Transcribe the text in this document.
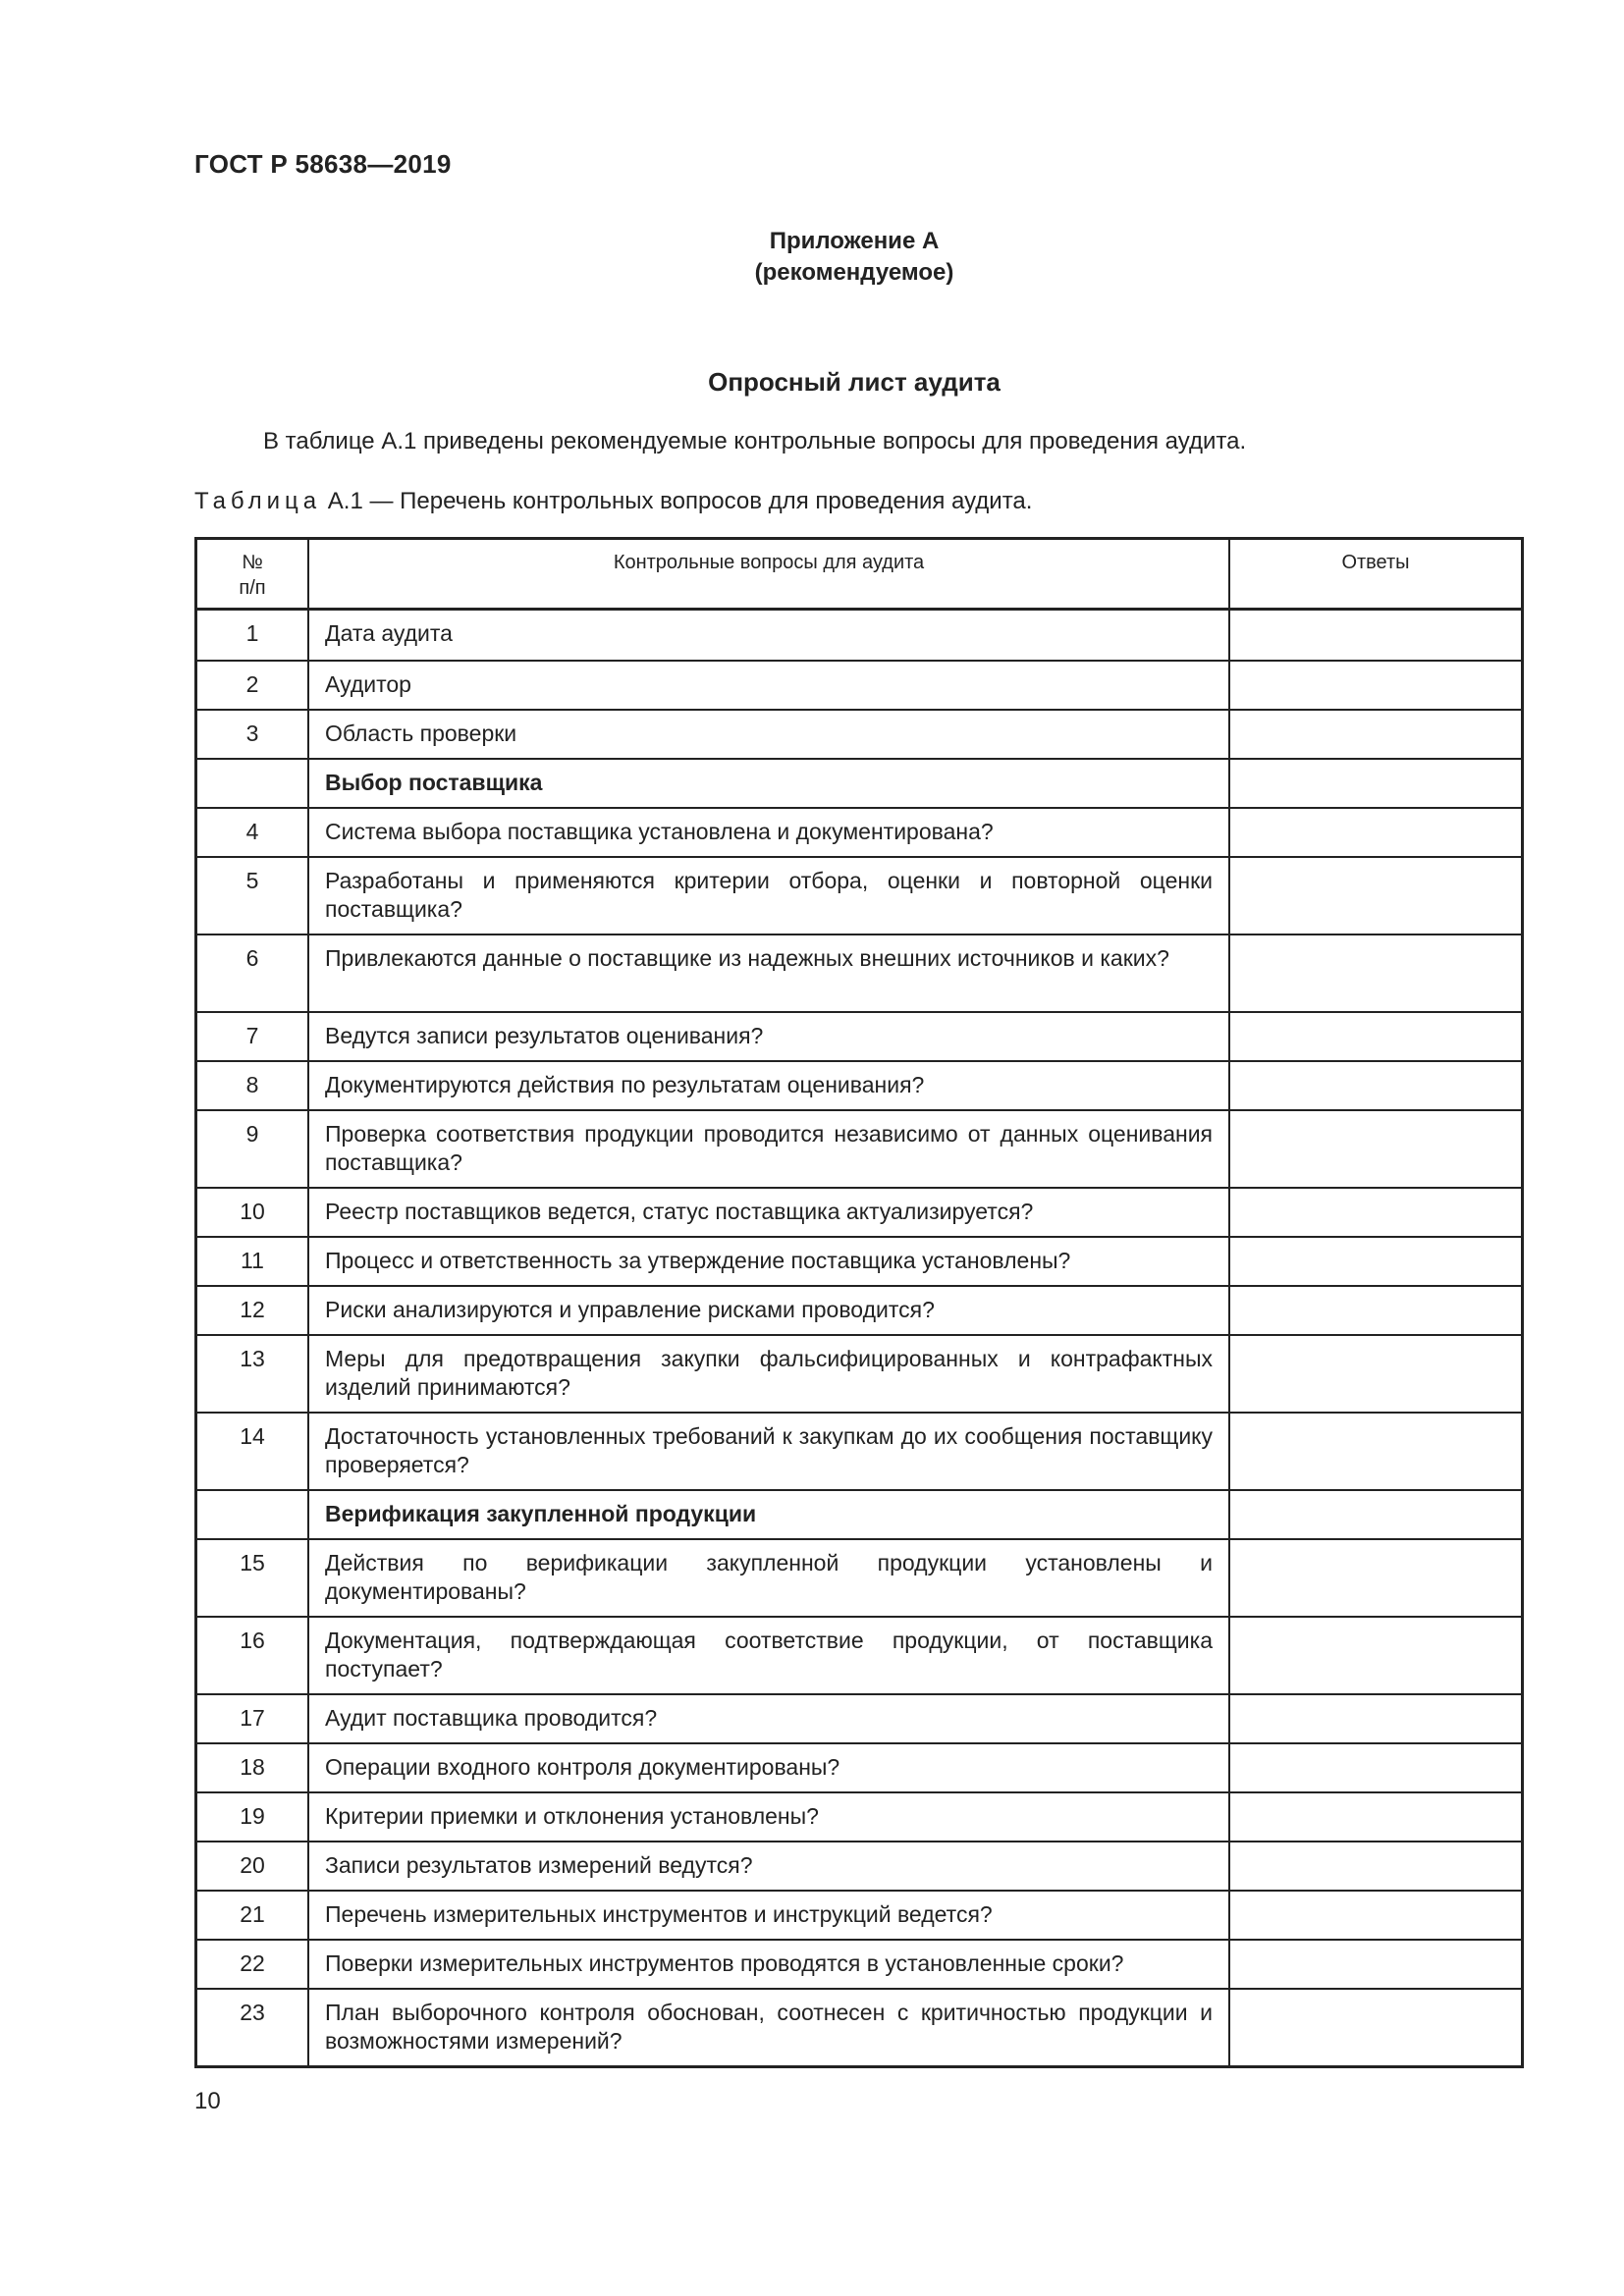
ГОСТ Р 58638—2019
Приложение А
(рекомендуемое)
Опросный лист аудита
В таблице А.1 приведены рекомендуемые контрольные вопросы для проведения аудита.
Таблица А.1 — Перечень контрольных вопросов для проведения аудита.
№
п/п
Контрольные вопросы для аудита	Ответы
1	Дата аудита
2	Аудитор
3	Область проверки
Выбор поставщика
4	Система выбора поставщика установлена и документирована?
5	Разработаны и применяются критерии отбора, оценки и повторной оценки поставщика?
6	Привлекаются данные о поставщике из надежных внешних источников и каких?
7	Ведутся записи результатов оценивания?
8	Документируются действия по результатам оценивания?
9	Проверка соответствия продукции проводится независимо от данных оценивания поставщика?
10	Реестр поставщиков ведется, статус поставщика актуализируется?
11	Процесс и ответственность за утверждение поставщика установлены?
12	Риски анализируются и управление рисками проводится?
13	Меры для предотвращения закупки фальсифицированных и контрафактных изделий принимаются?
14	Достаточность установленных требований к закупкам до их сообщения поставщику проверяется?
Верификация закупленной продукции
15	Действия по верификации закупленной продукции установлены и документированы?
16	Документация, подтверждающая соответствие продукции, от поставщика поступает?
17	Аудит поставщика проводится?
18	Операции входного контроля документированы?
19	Критерии приемки и отклонения установлены?
20	Записи результатов измерений ведутся?
21	Перечень измерительных инструментов и инструкций ведется?
22	Поверки измерительных инструментов проводятся в установленные сроки?
23	План выборочного контроля обоснован, соотнесен с критичностью продукции и возможностями измерений?
10
